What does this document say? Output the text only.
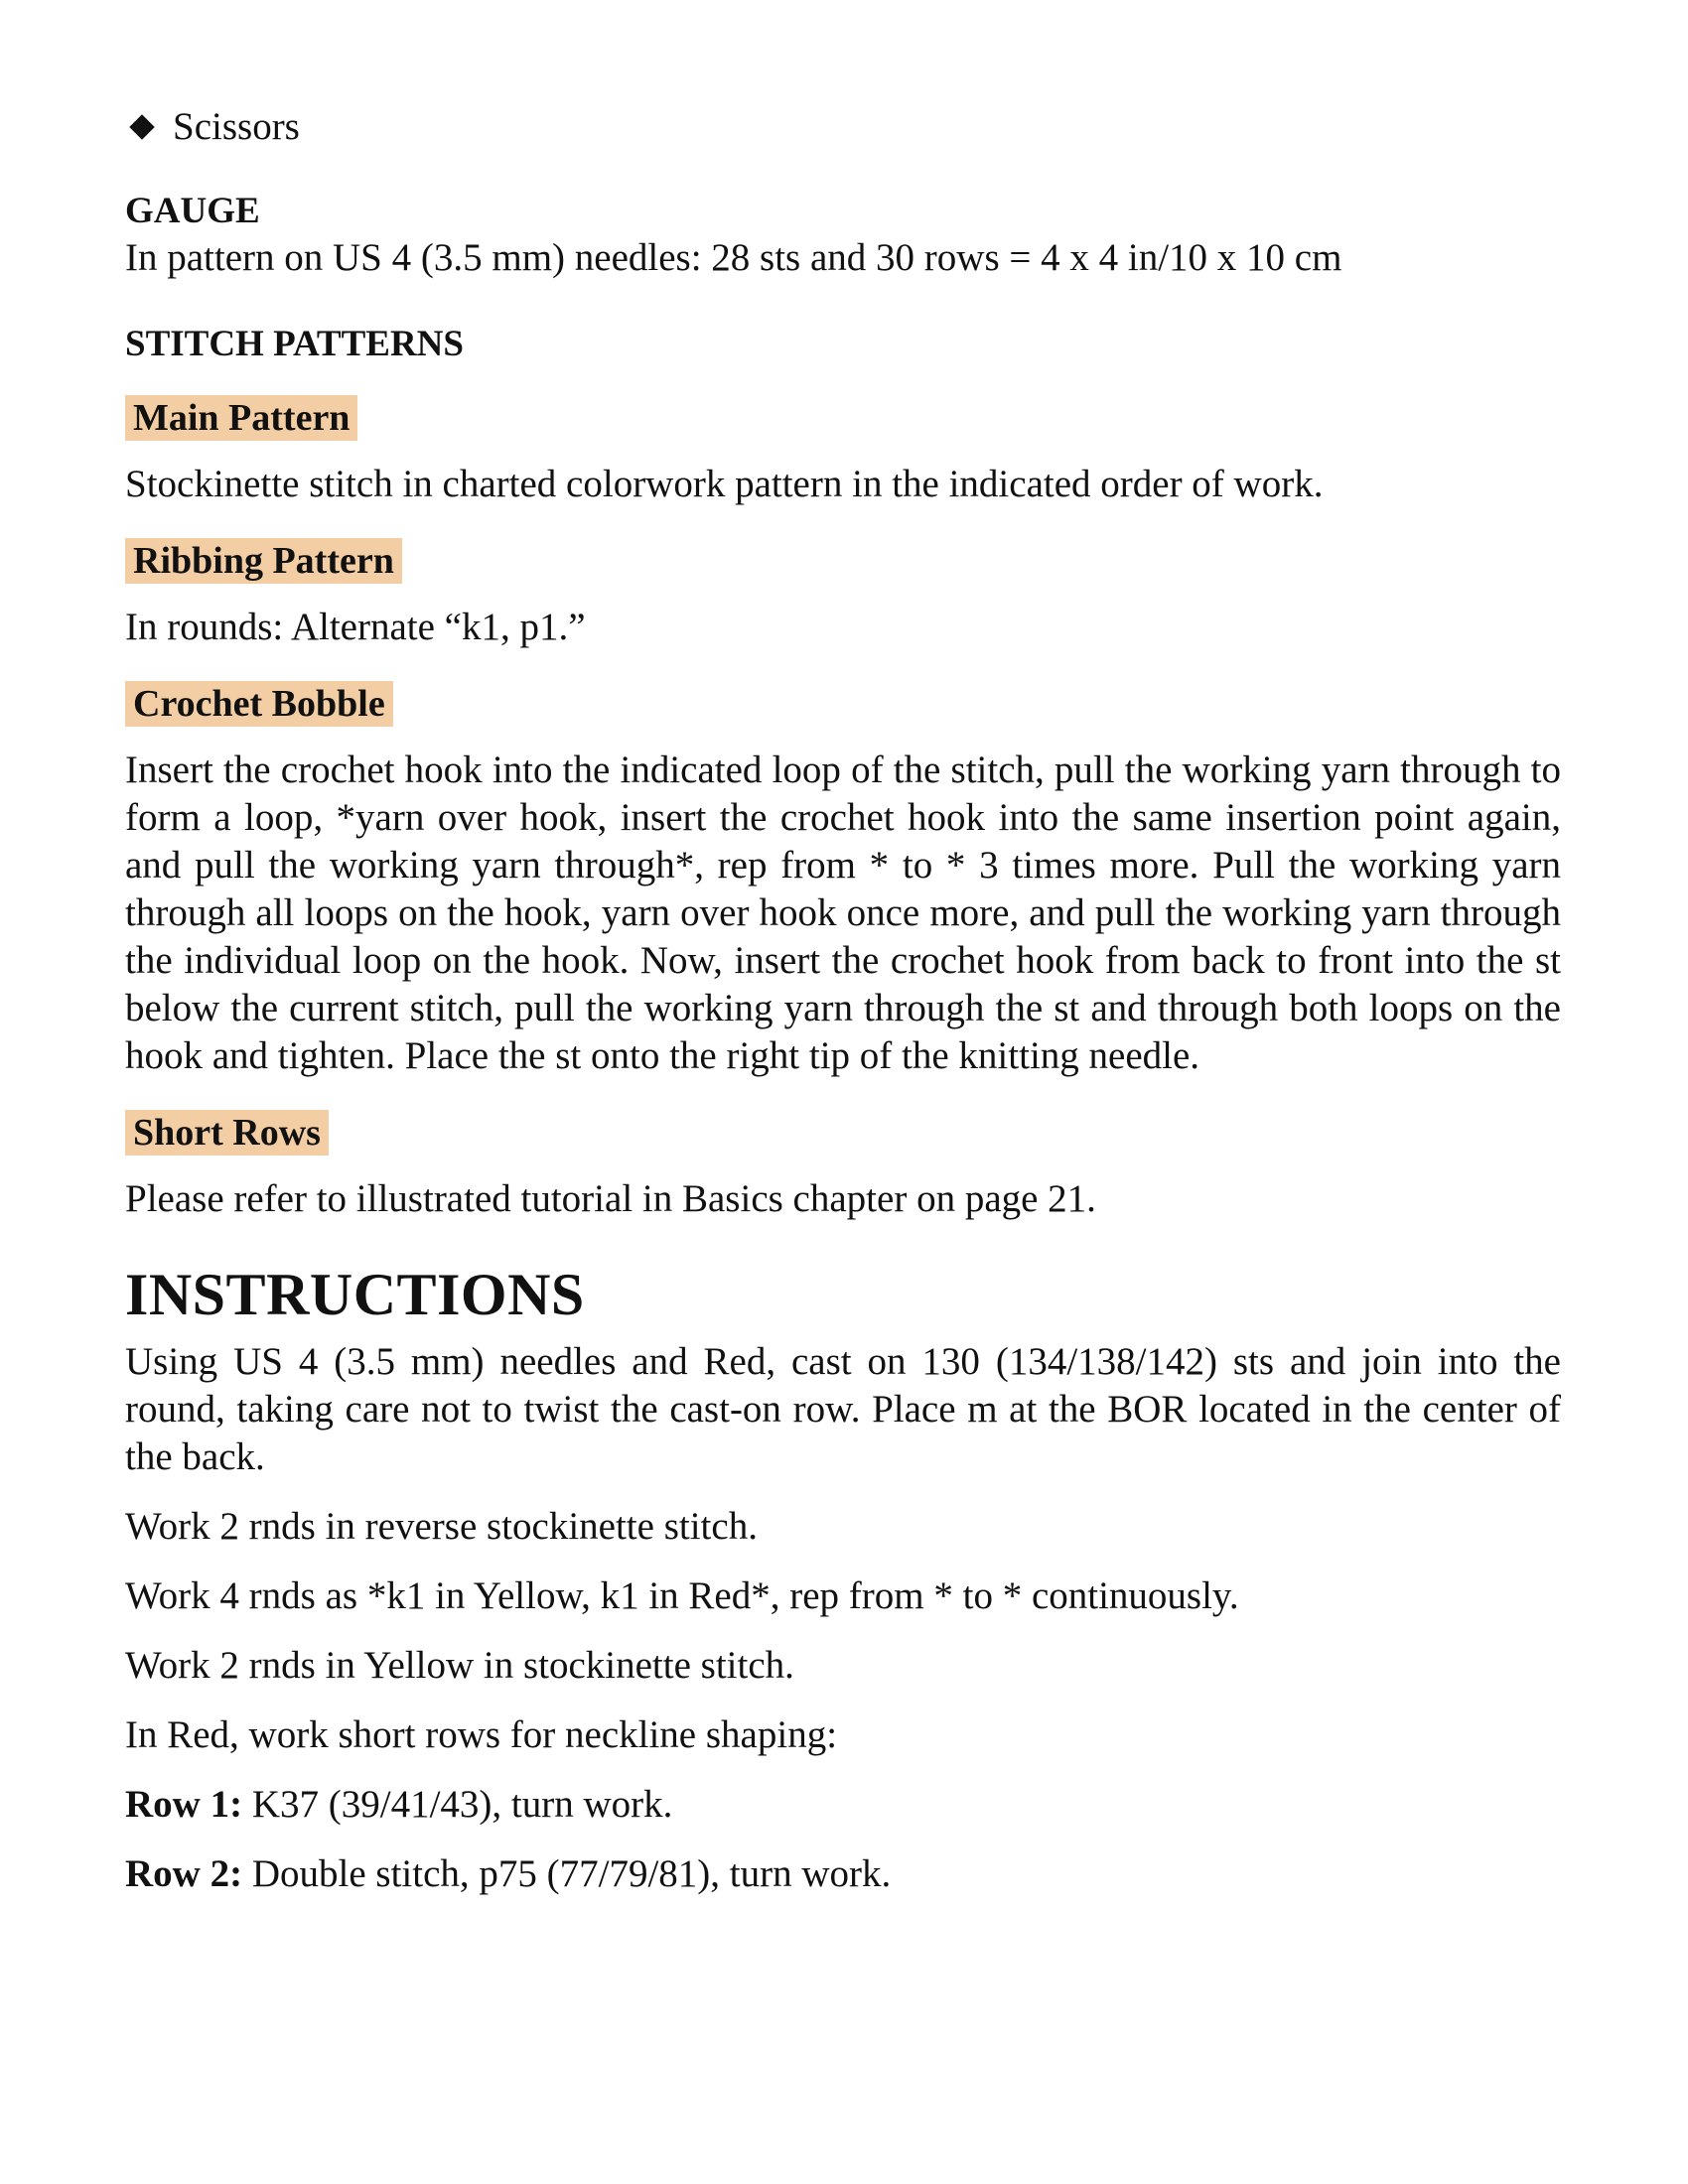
Scissors
GAUGE

In pattern on US 4 (3.5 mm) needles: 28 sts and 30 rows = 4 x 4 in/10 x 10 cm

STITCH PATTERNS
Main Pattern

Stockinette stitch in charted colorwork pattern in the indicated order of work.

Ribbing Pattern

In rounds: Alternate “k1, p1.”

Crochet Bobble

Insert the crochet hook into the indicated loop of the stitch, pull the working yarn through to form a loop, *yarn over hook, insert the crochet hook into the same insertion point again, and pull the working yarn through*, rep from * to * 3 times more. Pull the working yarn through all loops on the hook, yarn over hook once more, and pull the working yarn through the individual loop on the hook. Now, insert the crochet hook from back to front into the st below the current stitch, pull the working yarn through the st and through both loops on the hook and tighten. Place the st onto the right tip of the knitting needle.

Short Rows

Please refer to illustrated tutorial in Basics chapter on page 21.

INSTRUCTIONS

Using US 4 (3.5 mm) needles and Red, cast on 130 (134/138/142) sts and join into the round, taking care not to twist the cast-on row. Place m at the BOR located in the center of the back.

Work 2 rnds in reverse stockinette stitch.

Work 4 rnds as *k1 in Yellow, k1 in Red*, rep from * to * continuously.

Work 2 rnds in Yellow in stockinette stitch.

In Red, work short rows for neckline shaping:

Row 1: K37 (39/41/43), turn work.

Row 2: Double stitch, p75 (77/79/81), turn work.
